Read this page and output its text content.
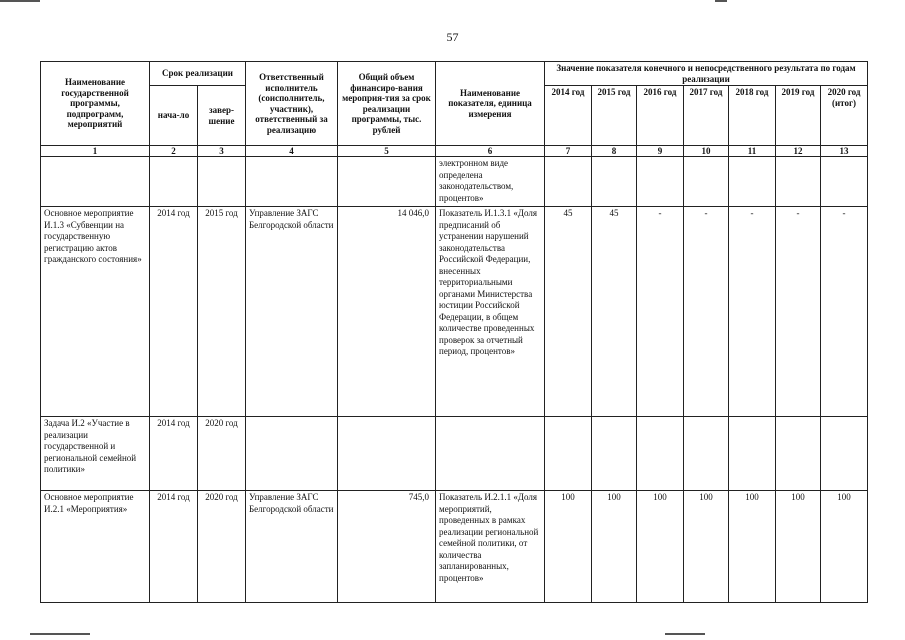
57
Наименование государственной программы, подпрограмм, мероприятий	Срок реализации		Ответственный исполнитель (соисполнитель, участник), ответственный за реализацию	Общий объем финансиро-вания мероприя-тия за срок реализации программы, тыс. рублей	Наименование показателя, единица измерения	Значение показателя конечного и непосредственного результата по годам реализации						
	нача-ло	завер-шение				2014 год	2015 год	2016 год	2017 год	2018 год	2019 год	2020 год (итог)
1	2	3	4	5	6	7	8	9	10	11	12	13
					электронном виде определена законодательством, процентов»							
Основное мероприятие И.1.3 «Субвенции на государственную регистрацию актов гражданского состояния»	2014 год	2015 год	Управление ЗАГС Белгородской области	14 046,0	Показатель И.1.3.1 «Доля предписаний об устранении нарушений законодательства Российской Федерации, внесенных территориальными органами Министерства юстиции Российской Федерации, в общем количестве проведенных проверок за отчетный период, процентов»	45	45	-	-	-	-	-
Задача И.2 «Участие в реализации государственной и региональной семейной политики»	2014 год	2020 год										
Основное мероприятие И.2.1 «Мероприятия»	2014 год	2020 год	Управление ЗАГС Белгородской области	745,0	Показатель И.2.1.1 «Доля мероприятий, проведенных в рамках реализации региональной семейной политики, от количества запланированных, процентов»	100	100	100	100	100	100	100
